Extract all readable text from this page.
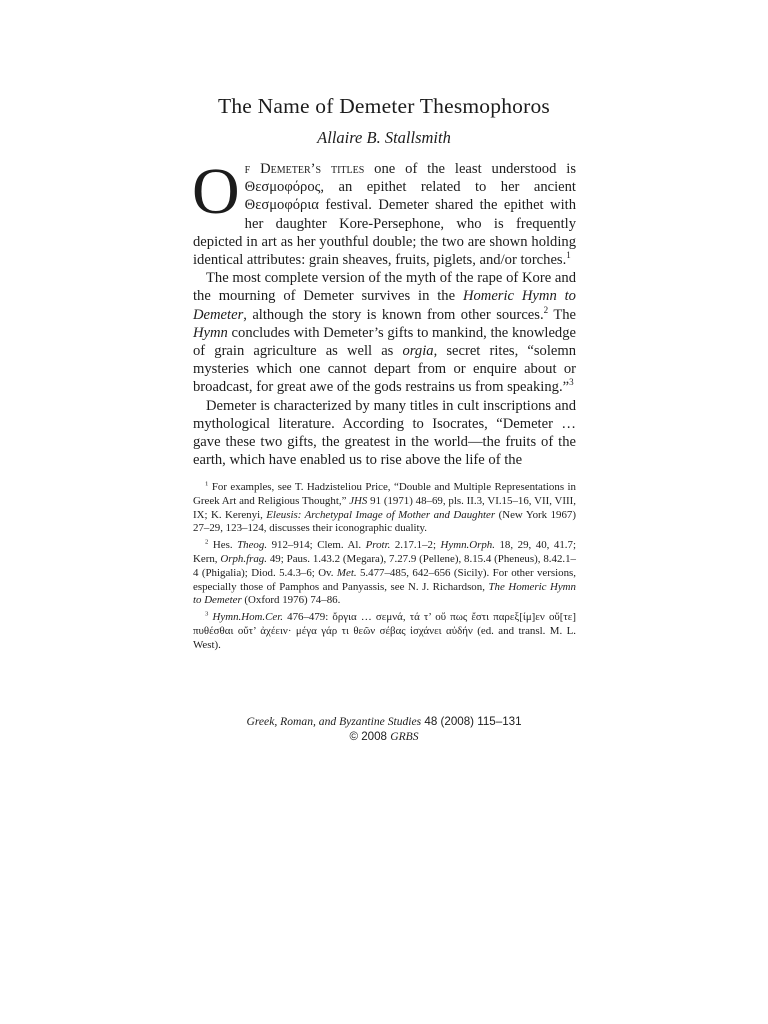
The Name of Demeter Thesmophoros
Allaire B. Stallsmith

Of Demeter’s titles one of the least understood is Θεσμοφόρος, an epithet related to her ancient Θεσμοφόρια festival. Demeter shared the epithet with her daughter Kore-Persephone, who is frequently depicted in art as her youthful double; the two are shown holding identical attributes: grain sheaves, fruits, piglets, and/or torches.$^1$

The most complete version of the myth of the rape of Kore and the mourning of Demeter survives in the Homeric Hymn to Demeter, although the story is known from other sources.$^2$ The Hymn concludes with Demeter’s gifts to mankind, the knowledge of grain agriculture as well as orgia, secret rites, “solemn mysteries which one cannot depart from or enquire about or broadcast, for great awe of the gods restrains us from speaking.”$^3$

Demeter is characterized by many titles in cult inscriptions and mythological literature. According to Isocrates, “Demeter … gave these two gifts, the greatest in the world—the fruits of the earth, which have enabled us to rise above the life of the

$^1$ For examples, see T. Hadzisteliou Price, “Double and Multiple Representations in Greek Art and Religious Thought,” JHS 91 (1971) 48–69, pls. II.3, VI.15–16, VII, VIII, IX; K. Kerenyi, Eleusis: Archetypal Image of Mother and Daughter (New York 1967) 27–29, 123–124, discusses their iconographic duality.

$^2$ Hes. Theog. 912–914; Clem. Al. Protr. 2.17.1–2; Hymn.Orph. 18, 29, 40, 41.7; Kern, Orph.frag. 49; Paus. 1.43.2 (Megara), 7.27.9 (Pellene), 8.15.4 (Pheneus), 8.42.1–4 (Phigalia); Diod. 5.4.3–6; Ov. Met. 5.477–485, 642–656 (Sicily). For other versions, especially those of Pamphos and Panyassis, see N. J. Richardson, The Homeric Hymn to Demeter (Oxford 1976) 74–86.

$^3$ Hymn.Hom.Cer. 476–479: ὄργια … σεμνά, τά τ’ οὔ πως ἔστι παρεξ[ίμ]εν οὔ[τε] πυθέσθαι οὔτ’ ἀχέειν· μέγα γάρ τι θεῶν σέβας ἰσχάνει αὐδήν (ed. and transl. M. L. West).

Greek, Roman, and Byzantine Studies 48 (2008) 115–131
© 2008 GRBS
